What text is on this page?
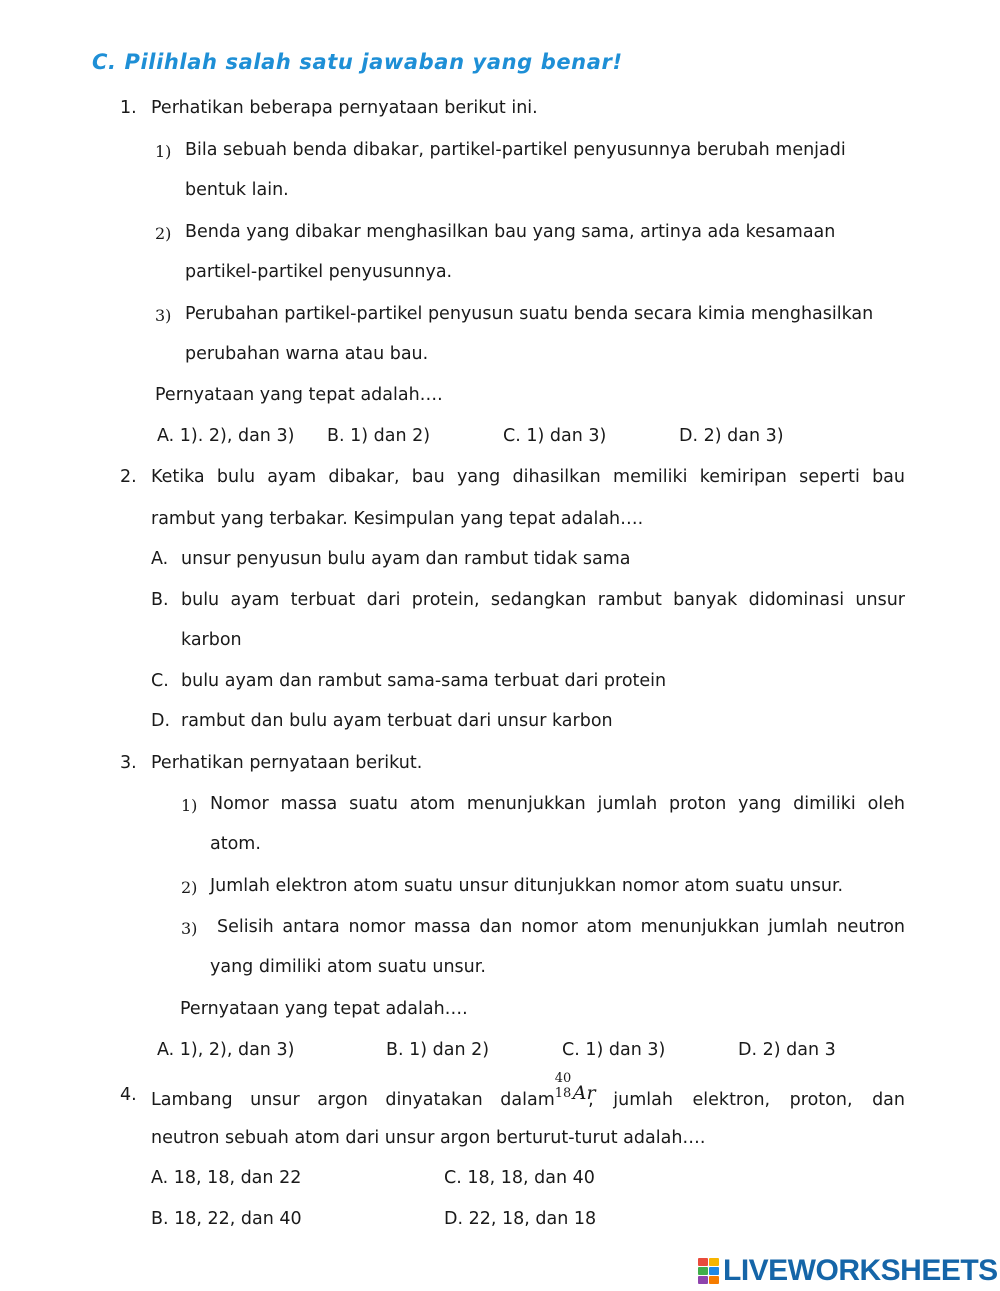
C. Pilihlah salah satu jawaban yang benar!
1. Perhatikan beberapa pernyataan berikut ini.
1) Bila sebuah benda dibakar, partikel-partikel penyusunnya berubah menjadi
bentuk lain.
2) Benda yang dibakar menghasilkan bau yang sama, artinya ada kesamaan
partikel-partikel penyusunnya.
3) Perubahan partikel-partikel penyusun suatu benda secara kimia menghasilkan
perubahan warna atau bau.
Pernyataan yang tepat adalah….
A. 1). 2), dan 3) B. 1) dan 2)	C. 1) dan 3)	D. 2) dan 3)
2. Ketika bulu ayam dibakar, bau yang dihasilkan memiliki kemiripan seperti bau
rambut yang terbakar. Kesimpulan yang tepat adalah….
A. unsur penyusun bulu ayam dan rambut tidak sama
B. bulu ayam terbuat dari protein, sedangkan rambut banyak didominasi unsur
karbon
C. bulu ayam dan rambut sama-sama terbuat dari protein
D. rambut dan bulu ayam terbuat dari unsur karbon
3. Perhatikan pernyataan berikut.
1) Nomor massa suatu atom menunjukkan jumlah proton yang dimiliki oleh
atom.
2) Jumlah elektron atom suatu unsur ditunjukkan nomor atom suatu unsur.
3) Selisih antara nomor massa dan nomor atom menunjukkan jumlah neutron
yang dimiliki atom suatu unsur.
Pernyataan yang tepat adalah….
A. 1), 2), dan 3)	B. 1) dan 2)	C. 1) dan 3)	D. 2) dan 3
4. Lambang unsur argon dinyatakan dalam
40
18 Ar
, jumlah elektron, proton, dan
neutron sebuah atom dari unsur argon berturut-turut adalah….
A. 18, 18, dan 22	C. 18, 18, dan 40
B. 18, 22, dan 40	D. 22, 18, dan 18
LIVEWORKSHEETS
